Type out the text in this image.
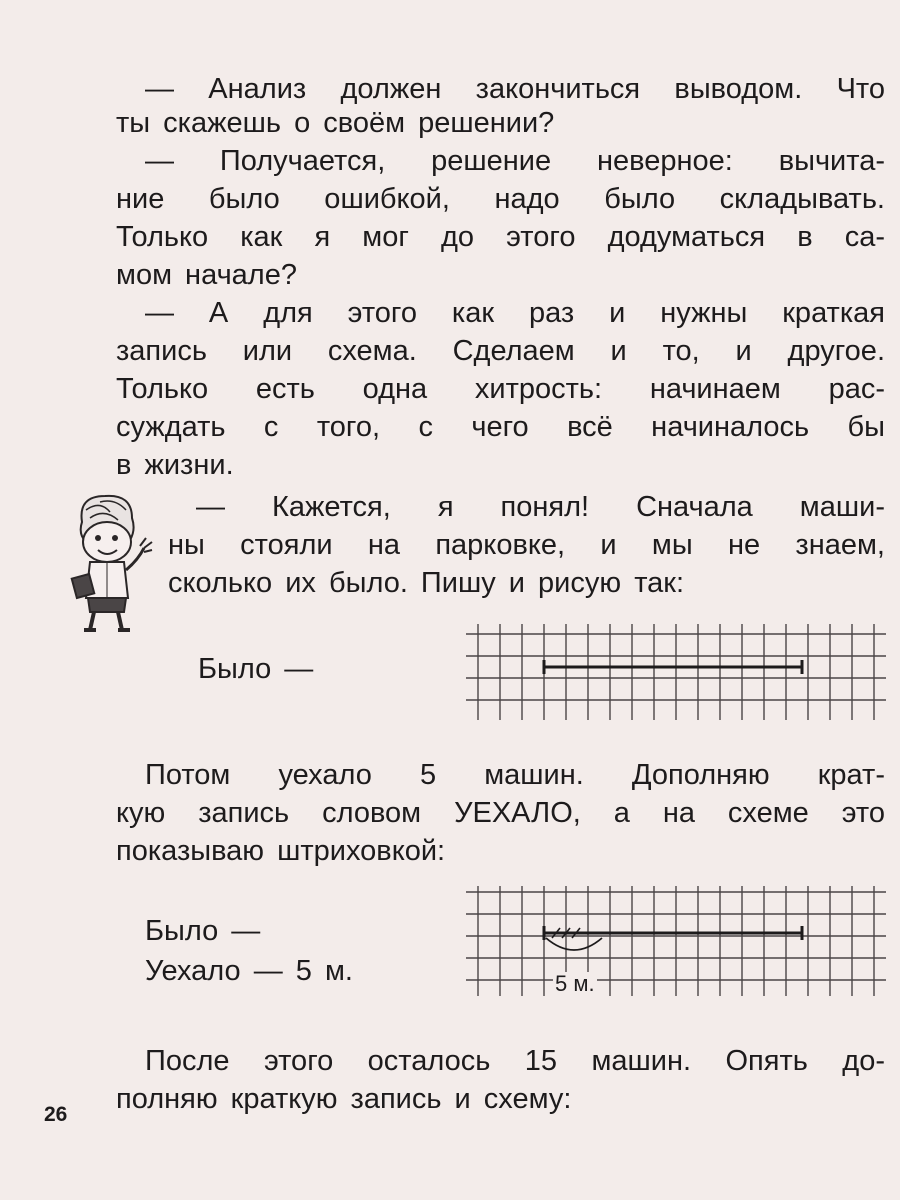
— Анализ должен закончиться выводом. Что
ты скажешь о своём решении?
— Получается, решение неверное: вычита-
ние было ошибкой, надо было складывать.
Только как я мог до этого додуматься в са-
мом начале?
— А для этого как раз и нужны краткая
запись или схема. Сделаем и то, и другое.
Только есть одна хитрость: начинаем рас-
суждать с того, с чего всё начиналось бы
в жизни.
— Кажется, я понял! Сначала маши-
ны стояли на парковке, и мы не знаем,
сколько их было. Пишу и рисую так:
Было —
Потом уехало 5 машин. Дополняю крат-
кую запись словом УЕХАЛО, а на схеме это
показываю штриховкой:
Было —
Уехало — 5 м.	5 м.
После этого осталось 15 машин. Опять до-
полняю краткую запись и схему:
26
